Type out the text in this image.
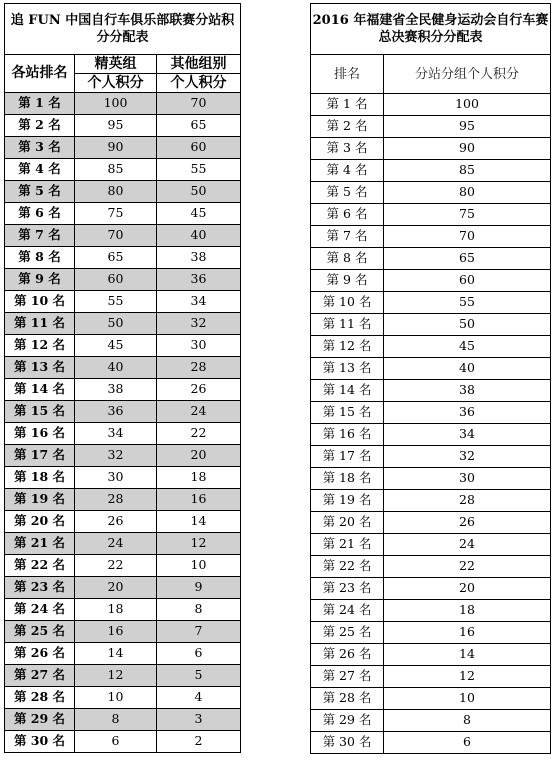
追 FUN 中国自行车俱乐部联赛分站积分分配表		
各站排名	精英组	其他组别
	个人积分	个人积分
第 1 名	100	70
第 2 名	95	65
第 3 名	90	60
第 4 名	85	55
第 5 名	80	50
第 6 名	75	45
第 7 名	70	40
第 8 名	65	38
第 9 名	60	36
第 10 名	55	34
第 11 名	50	32
第 12 名	45	30
第 13 名	40	28
第 14 名	38	26
第 15 名	36	24
第 16 名	34	22
第 17 名	32	20
第 18 名	30	18
第 19 名	28	16
第 20 名	26	14
第 21 名	24	12
第 22 名	22	10
第 23 名	20	9
第 24 名	18	8
第 25 名	16	7
第 26 名	14	6
第 27 名	12	5
第 28 名	10	4
第 29 名	8	3
第 30 名	6	2
2016 年福建省全民健身运动会自行车赛总决赛积分分配表	
排名	分站分组个人积分
第 1 名	100
第 2 名	95
第 3 名	90
第 4 名	85
第 5 名	80
第 6 名	75
第 7 名	70
第 8 名	65
第 9 名	60
第 10 名	55
第 11 名	50
第 12 名	45
第 13 名	40
第 14 名	38
第 15 名	36
第 16 名	34
第 17 名	32
第 18 名	30
第 19 名	28
第 20 名	26
第 21 名	24
第 22 名	22
第 23 名	20
第 24 名	18
第 25 名	16
第 26 名	14
第 27 名	12
第 28 名	10
第 29 名	8
第 30 名	6
